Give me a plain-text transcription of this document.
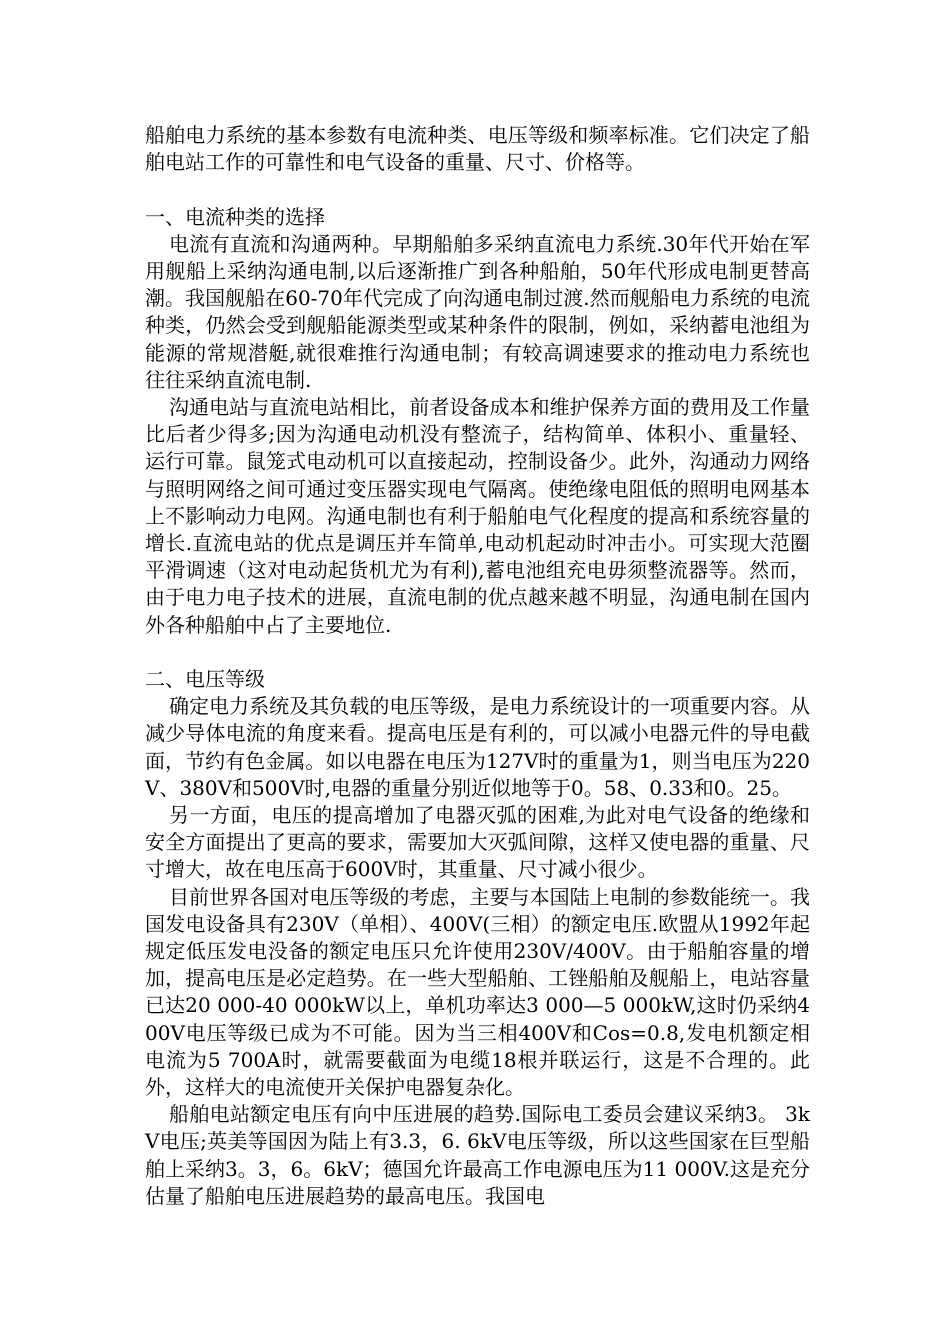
船舶电力系统的基本参数有电流种类、电压等级和频率标准。它们决定了船舶电站工作的可靠性和电气设备的重量、尺寸、价格等。

一、电流种类的选择

电流有直流和沟通两种。早期船舶多采纳直流电力系统.30年代开始在军用舰船上采纳沟通电制,以后逐渐推广到各种船舶，50年代形成电制更替高潮。我国舰船在60-70年代完成了向沟通电制过渡.然而舰船电力系统的电流种类，仍然会受到舰船能源类型或某种条件的限制，例如，采纳蓄电池组为能源的常规潜艇,就很难推行沟通电制；有较高调速要求的推动电力系统也往往采纳直流电制.

沟通电站与直流电站相比，前者设备成本和维护保养方面的费用及工作量比后者少得多;因为沟通电动机没有整流子，结构简单、体积小、重量轻、运行可靠。鼠笼式电动机可以直接起动，控制设备少。此外，沟通动力网络与照明网络之间可通过变压器实现电气隔离。使绝缘电阻低的照明电网基本上不影响动力电网。沟通电制也有利于船舶电气化程度的提高和系统容量的增长.直流电站的优点是调压并车简单,电动机起动时冲击小。可实现大范圈平滑调速（这对电动起货机尤为有利),蓄电池组充电毋须整流器等。然而，由于电力电子技术的进展，直流电制的优点越来越不明显，沟通电制在国内外各种船舶中占了主要地位.

二、电压等级

确定电力系统及其负载的电压等级，是电力系统设计的一项重要内容。从减少导体电流的角度来看。提高电压是有利的，可以减小电器元件的导电截面，节约有色金属。如以电器在电压为127V时的重量为1，则当电压为220V、380V和500V时,电器的重量分别近似地等于0。58、0.33和0。25。

另一方面，电压的提高增加了电器灭弧的困难,为此对电气设备的绝缘和安全方面提出了更高的要求，需要加大灭弧间隙，这样又使电器的重量、尺寸增大，故在电压高于600V时，其重量、尺寸减小很少。

目前世界各国对电压等级的考虑，主要与本国陆上电制的参数能统一。我国发电设备具有230V（单相）、400V(三相）的额定电压.欧盟从1992年起规定低压发电没备的额定电压只允许使用230V/400V。由于船舶容量的增加，提高电压是必定趋势。在一些大型船舶、工锉船舶及舰船上，电站容量已达20 000-40 000kW以上，单机功率达3 000—5 000kW,这时仍采纳400V电压等级已成为不可能。因为当三相400V和Cos=0.8,发电机额定相电流为5 700A时，就需要截面为电缆18根并联运行，这是不合理的。此外，这样大的电流使开关保护电器复杂化。

船舶电站额定电压有向中压进展的趋势.国际电工委员会建议采纳3。 3kV电压;英美等国因为陆上有3.3，6. 6kV电压等级，所以这些国家在巨型船舶上采纳3。3，6。6kV；德国允许最高工作电源电压为11 000V.这是充分估量了船舶电压进展趋势的最高电压。我国电
